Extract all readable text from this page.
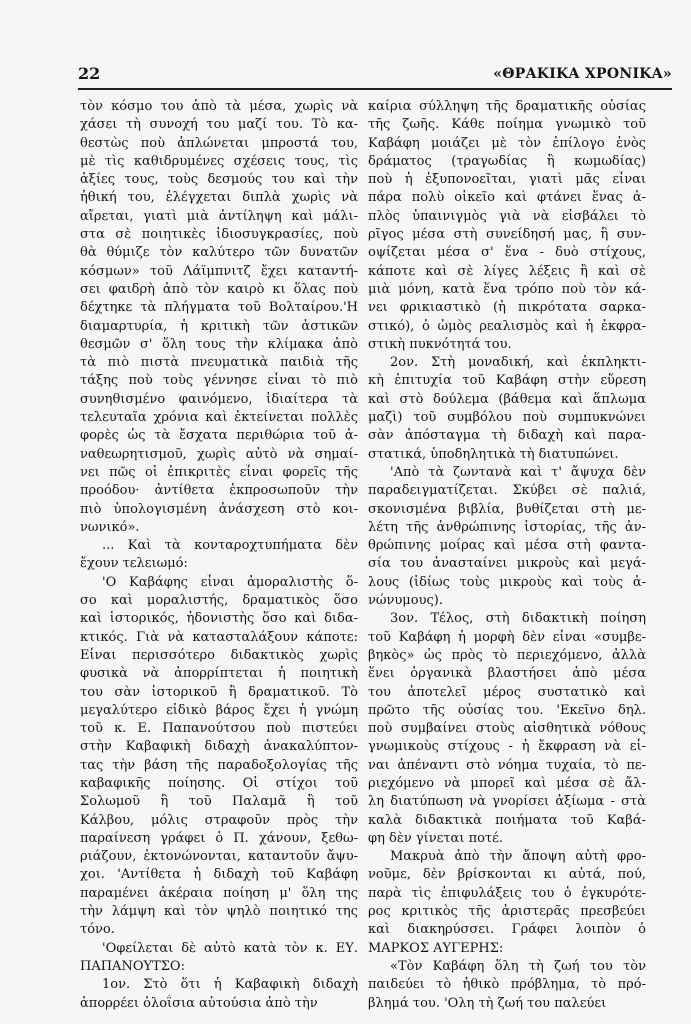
22	«ΘΡΑΚΙΚΑ ΧΡΟΝΙΚΑ»
τὸν κόσμο του ἀπὸ τὰ μέσα, χωρὶς νὰ
χάσει τὴ συνοχή του μαζί του. Τὸ κα-
θεστὼς ποὺ ἁπλώνεται μπροστά του,
μὲ τὶς καθιδρυμένες σχέσεις τους, τὶς
ἀξίες τους, τοὺς δεσμούς του καὶ τὴν
ἠθική του, ἐλέγχεται διπλὰ χωρὶς νὰ
αἴρεται, γιατὶ μιὰ ἀντίληψη καὶ μάλι-
στα σὲ ποιητικὲς ἰδιοσυγκρασίες, ποὺ
θὰ θύμιζε τὸν καλύτερο τῶν δυνατῶν
κόσμων» τοῦ Λάϊμπνιτζ ἔχει καταντή-
σει φαιδρὴ ἀπὸ τὸν καιρὸ κι ὅλας ποὺ
δέχτηκε τὰ πλήγματα τοῦ Βολταίρου.'Η
διαμαρτυρία, ἡ κριτικὴ τῶν ἀστικῶν
θεσμῶν σ' ὅλη τους τὴν κλίμακα ἀπὸ
τὰ πιὸ πιστὰ πνευματικὰ παιδιὰ τῆς
τάξης ποὺ τοὺς γέννησε εἶναι τὸ πιὸ
συνηθισμένο φαινόμενο, ἰδιαίτερα τὰ
τελευταῖα χρόνια καὶ ἐκτείνεται πολλὲς
φορὲς ὡς τὰ ἔσχατα περιθώρια τοῦ ἀ-
ναθεωρητισμοῦ, χωρὶς αὐτὸ νὰ σημαί-
νει πῶς οἱ ἐπικριτὲς εἶναι φορεῖς τῆς
προόδου· ἀντίθετα ἐκπροσωποῦν τὴν
πιὸ ὑπολογισμένη ἀνάσχεση στὸ κοι-
νωνικό».
... Καὶ τὰ κονταροχτυπήματα δὲν
ἔχουν τελειωμό:
'Ο Καβάφης εἶναι ἀμοραλιστὴς ὅ-
σο καὶ μοραλιστής, δραματικὸς ὅσο
καὶ ἱστορικός, ἡδονιστὴς ὅσο καὶ διδα-
κτικός. Γιὰ νὰ κατασταλάξουν κάποτε:
Εἶναι περισσότερο διδακτικὸς χωρὶς
φυσικὰ νὰ ἀπορρίπτεται ἡ ποιητικὴ
του σὰν ἱστορικοῦ ἢ δραματικοῦ. Τὸ
μεγαλύτερο εἰδικὸ βάρος ἔχει ἡ γνώμη
τοῦ κ. Ε. Παπανούτσου ποὺ πιστεύει
στὴν Καβαφικὴ διδαχὴ ἀνακαλύπτον-
τας τὴν βάση τῆς παραδοξολογίας τῆς
καβαφικῆς ποίησης. Οἱ στίχοι τοῦ
Σολωμοῦ ἢ τοῦ Παλαμᾶ ἢ τοῦ
Κάλβου, μόλις στραφοῦν πρὸς τὴν
παραίνεση γράφει ὁ Π. χάνουν, ξεθω-
ριάζουν, ἐκτονώνονται, καταντοῦν ἄψυ-
χοι. 'Αντίθετα ἡ διδαχὴ τοῦ Καβάφη
παραμένει ἀκέραια ποίηση μ' ὅλη της
τὴν λάμψη καὶ τὸν ψηλὸ ποιητικό της
τόνο.
'Οφείλεται δὲ αὐτὸ κατὰ τὸν κ. ΕΥ.
ΠΑΠΑΝΟΥΤΣΟ:
1ον. Στὸ ὅτι ἡ Καβαφικὴ διδαχὴ
ἀπορρέει ὁλοΐσια αὐτούσια ἀπὸ τὴν
καίρια σύλληψη τῆς δραματικῆς οὐσίας
τῆς ζωῆς. Κάθε ποίημα γνωμικὸ τοῦ
Καβάφη μοιάζει μὲ τὸν ἐπίλογο ἑνὸς
δράματος (τραγωδίας ἢ κωμωδίας)
ποὺ ἡ ἐξυπονοεῖται, γιατὶ μᾶς εἶναι
πάρα πολὺ οἰκεῖο καὶ φτάνει ἕνας ἁ-
πλὸς ὑπαινιγμὸς γιὰ νὰ εἰσβάλει τὸ
ρῖγος μέσα στὴ συνείδησή μας, ἢ συν-
οψίζεται μέσα σ' ἕνα - δυὸ στίχους,
κάποτε καὶ σὲ λίγες λέξεις ἢ καὶ σὲ
μιὰ μόνη, κατὰ ἕνα τρόπο ποὺ τὸν κά-
νει φρικιαστικὸ (ἡ πικρότατα σαρκα-
στικό), ὁ ὠμὸς ρεαλισμὸς καὶ ἡ ἐκφρα-
στικὴ πυκνότητά του.
2ον. Στὴ μοναδική, καὶ ἐκπληκτι-
κὴ ἐπιτυχία τοῦ Καβάφη στὴν εὕρεση
καὶ στὸ δούλεμα (βάθεμα καὶ ἅπλωμα
μαζὶ) τοῦ συμβόλου ποὺ συμπυκνώνει
σὰν ἀπόσταγμα τὴ διδαχὴ καὶ παρα-
στατικά, ὑποδηλητικὰ τὴ διατυπώνει.
'Απὸ τὰ ζωντανὰ καὶ τ' ἄψυχα δὲν
παραδειγματίζεται. Σκύβει σὲ παλιά,
σκονισμένα βιβλία, βυθίζεται στὴ με-
λέτη τῆς ἀνθρώπινης ἱστορίας, τῆς ἀν-
θρώπινης μοίρας καὶ μέσα στὴ φαντα-
σία του ἀνασταίνει μικροὺς καὶ μεγά-
λους (ἰδίως τοὺς μικροὺς καὶ τοὺς ἀ-
νώνυμους).
3ον. Τέλος, στὴ διδακτικὴ ποίηση
τοῦ Καβάφη ἡ μορφὴ δὲν εἶναι «συμβε-
βηκὸς» ὡς πρὸς τὸ περιεχόμενο, ἀλλὰ
ἕνει ὀργανικὰ βλαστήσει ἀπὸ μέσα
του ἀποτελεῖ μέρος συστατικὸ καὶ
πρῶτο τῆς οὐσίας του. 'Εκεῖνο δηλ.
ποὺ συμβαίνει στοὺς αἰσθητικὰ νόθους
γνωμικοὺς στίχους - ἡ ἔκφραση νὰ εἶ-
ναι ἀπέναντι στὸ νόημα τυχαία, τὸ πε-
ριεχόμενο νὰ μπορεῖ καὶ μέσα σὲ ἄλ-
λη διατύπωση νὰ γνορίσει ἀξίωμα - στὰ
καλὰ διδακτικὰ ποιήματα τοῦ Καβά-
φη δὲν γίνεται ποτέ.
Μακρυὰ ἀπὸ τὴν ἄποψη αὐτὴ φρο-
νοῦμε, δὲν βρίσκονται κι αὐτά, πού,
παρὰ τὶς ἐπιφυλάξεις του ὁ ἐγκυρότε-
ρος κριτικὸς τῆς ἀριστερᾶς πρεσβεύει
καὶ διακηρύσσει. Γράφει λοιπὸν ὁ
ΜΑΡΚΟΣ ΑΥΓΕΡΗΣ:
«Τὸν Καβάφη ὅλη τὴ ζωή του τὸν
παιδεύει τὸ ἠθικὸ πρόβλημα, τὸ πρό-
βλημά του. 'Ολη τὴ ζωή του παλεύει
